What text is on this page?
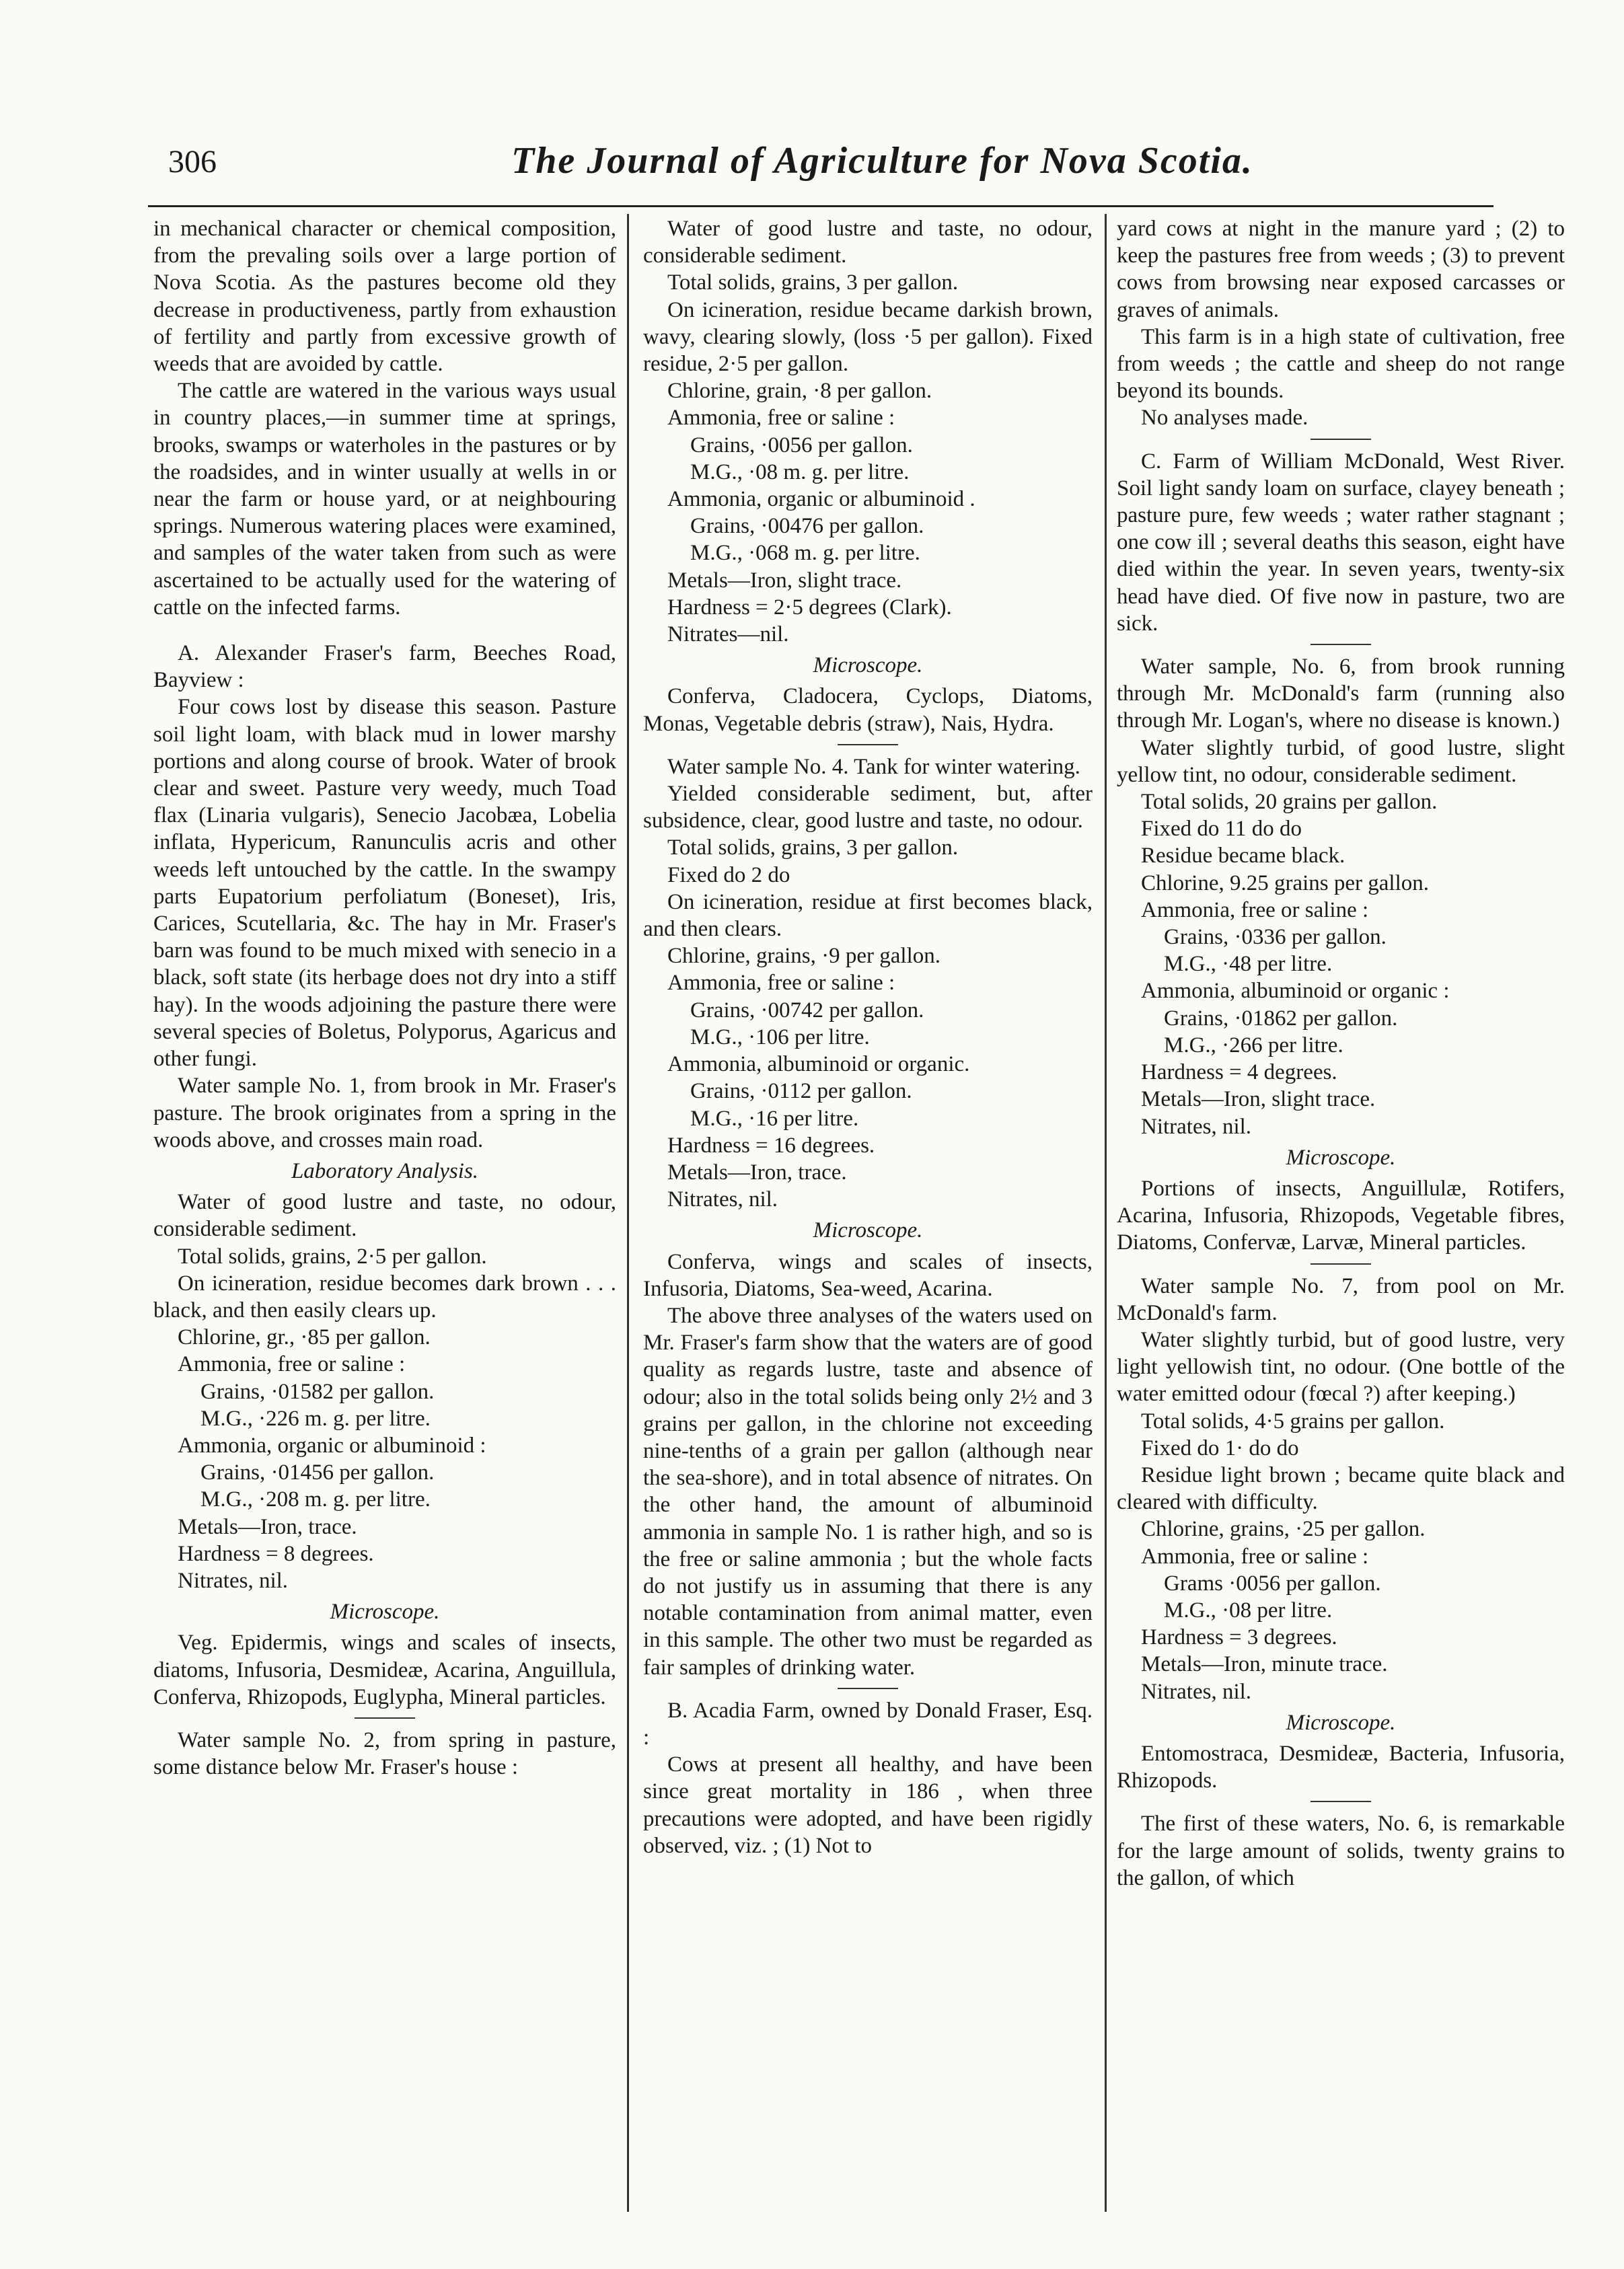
306	The Journal of Agriculture for Nova Scotia.

in mechanical character or chemical composition, from the prevaling soils over a large portion of Nova Scotia. As the pastures become old they decrease in productiveness, partly from exhaustion of fertility and partly from excessive growth of weeds that are avoided by cattle.

The cattle are watered in the various ways usual in country places,—in summer time at springs, brooks, swamps or waterholes in the pastures or by the roadsides, and in winter usually at wells in or near the farm or house yard, or at neighbouring springs. Numerous watering places were examined, and samples of the water taken from such as were ascertained to be actually used for the watering of cattle on the infected farms.

A. Alexander Fraser's farm, Beeches Road, Bayview :

Four cows lost by disease this season. Pasture soil light loam, with black mud in lower marshy portions and along course of brook. Water of brook clear and sweet. Pasture very weedy, much Toad flax (Linaria vulgaris), Senecio Jacobæa, Lobelia inflata, Hypericum, Ranunculis acris and other weeds left untouched by the cattle. In the swampy parts Eupatorium perfoliatum (Boneset), Iris, Carices, Scutellaria, &c. The hay in Mr. Fraser's barn was found to be much mixed with senecio in a black, soft state (its herbage does not dry into a stiff hay). In the woods adjoining the pasture there were several species of Boletus, Polyporus, Agaricus and other fungi.

Water sample No. 1, from brook in Mr. Fraser's pasture. The brook originates from a spring in the woods above, and crosses main road.

Laboratory Analysis.

Water of good lustre and taste, no odour, considerable sediment.

Total solids, grains, 2·5 per gallon.

On icineration, residue becomes dark brown . . . black, and then easily clears up.

Chlorine, gr., ·85 per gallon.

Ammonia, free or saline :

Grains, ·01582 per gallon.

M.G., ·226 m. g. per litre.

Ammonia, organic or albuminoid :

Grains, ·01456 per gallon.

M.G., ·208 m. g. per litre.

Metals—Iron, trace.

Hardness = 8 degrees.

Nitrates, nil.

Microscope.

Veg. Epidermis, wings and scales of insects, diatoms, Infusoria, Desmideæ, Acarina, Anguillula, Conferva, Rhizopods, Euglypha, Mineral particles.

Water sample No. 2, from spring in pasture, some distance below Mr. Fraser's house :

Water of good lustre and taste, no odour, considerable sediment.

Total solids, grains, 3 per gallon.

On icineration, residue became darkish brown, wavy, clearing slowly, (loss ·5 per gallon). Fixed residue, 2·5 per gallon.

Chlorine, grain, ·8 per gallon.

Ammonia, free or saline :

Grains, ·0056 per gallon.

M.G., ·08 m. g. per litre.

Ammonia, organic or albuminoid .

Grains, ·00476 per gallon.

M.G., ·068 m. g. per litre.

Metals—Iron, slight trace.

Hardness = 2·5 degrees (Clark).

Nitrates—nil.

Microscope.

Conferva, Cladocera, Cyclops, Diatoms, Monas, Vegetable debris (straw), Nais, Hydra.

Water sample No. 4. Tank for winter watering.

Yielded considerable sediment, but, after subsidence, clear, good lustre and taste, no odour.

Total solids, grains, 3 per gallon.

Fixed do 2 do

On icineration, residue at first becomes black, and then clears.

Chlorine, grains, ·9 per gallon.

Ammonia, free or saline :

Grains, ·00742 per gallon.

M.G., ·106 per litre.

Ammonia, albuminoid or organic.

Grains, ·0112 per gallon.

M.G., ·16 per litre.

Hardness = 16 degrees.

Metals—Iron, trace.

Nitrates, nil.

Microscope.

Conferva, wings and scales of insects, Infusoria, Diatoms, Sea-weed, Acarina.

The above three analyses of the waters used on Mr. Fraser's farm show that the waters are of good quality as regards lustre, taste and absence of odour; also in the total solids being only 2½ and 3 grains per gallon, in the chlorine not exceeding nine-tenths of a grain per gallon (although near the sea-shore), and in total absence of nitrates. On the other hand, the amount of albuminoid ammonia in sample No. 1 is rather high, and so is the free or saline ammonia ; but the whole facts do not justify us in assuming that there is any notable contamination from animal matter, even in this sample. The other two must be regarded as fair samples of drinking water.

B. Acadia Farm, owned by Donald Fraser, Esq. :

Cows at present all healthy, and have been since great mortality in 186 , when three precautions were adopted, and have been rigidly observed, viz. ; (1) Not to

yard cows at night in the manure yard ; (2) to keep the pastures free from weeds ; (3) to prevent cows from browsing near exposed carcasses or graves of animals.

This farm is in a high state of cultivation, free from weeds ; the cattle and sheep do not range beyond its bounds.

No analyses made.

C. Farm of William McDonald, West River. Soil light sandy loam on surface, clayey beneath ; pasture pure, few weeds ; water rather stagnant ; one cow ill ; several deaths this season, eight have died within the year. In seven years, twenty-six head have died. Of five now in pasture, two are sick.

Water sample, No. 6, from brook running through Mr. McDonald's farm (running also through Mr. Logan's, where no disease is known.)

Water slightly turbid, of good lustre, slight yellow tint, no odour, considerable sediment.

Total solids, 20 grains per gallon.

Fixed do 11 do do

Residue became black.

Chlorine, 9.25 grains per gallon.

Ammonia, free or saline :

Grains, ·0336 per gallon.

M.G., ·48 per litre.

Ammonia, albuminoid or organic :

Grains, ·01862 per gallon.

M.G., ·266 per litre.

Hardness = 4 degrees.

Metals—Iron, slight trace.

Nitrates, nil.

Microscope.

Portions of insects, Anguillulæ, Rotifers, Acarina, Infusoria, Rhizopods, Vegetable fibres, Diatoms, Confervæ, Larvæ, Mineral particles.

Water sample No. 7, from pool on Mr. McDonald's farm.

Water slightly turbid, but of good lustre, very light yellowish tint, no odour. (One bottle of the water emitted odour (fœcal ?) after keeping.)

Total solids, 4·5 grains per gallon.

Fixed do 1· do do

Residue light brown ; became quite black and cleared with difficulty.

Chlorine, grains, ·25 per gallon.

Ammonia, free or saline :

Grams ·0056 per gallon.

M.G., ·08 per litre.

Hardness = 3 degrees.

Metals—Iron, minute trace.

Nitrates, nil.

Microscope.

Entomostraca, Desmideæ, Bacteria, Infusoria, Rhizopods.

The first of these waters, No. 6, is remarkable for the large amount of solids, twenty grains to the gallon, of which
